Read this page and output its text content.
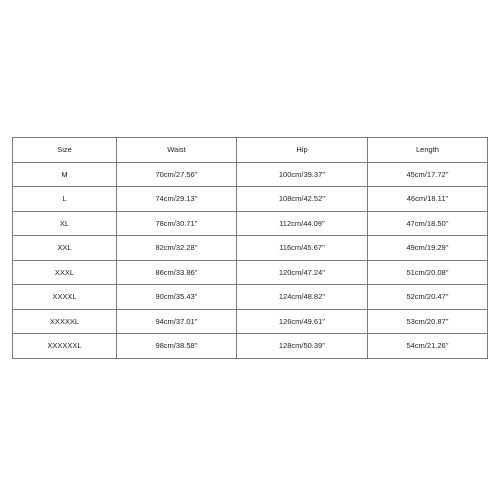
Size	Waist	Hip	Length
M	70cm/27.56''	100cm/39.37''	45cm/17.72''
L	74cm/29.13''	108cm/42.52''	46cm/18.11''
XL	78cm/30.71''	112cm/44.09''	47cm/18.50''
XXL	82cm/32.28''	116cm/45.67''	49cm/19.29''
XXXL	86cm/33.86''	120cm/47.24''	51cm/20.08''
XXXXL	90cm/35.43''	124cm/48.82''	52cm/20.47''
XXXXXL	94cm/37.01''	126cm/49.61''	53cm/20.87''
XXXXXXL	98cm/38.58''	128cm/50.39''	54cm/21.26''
